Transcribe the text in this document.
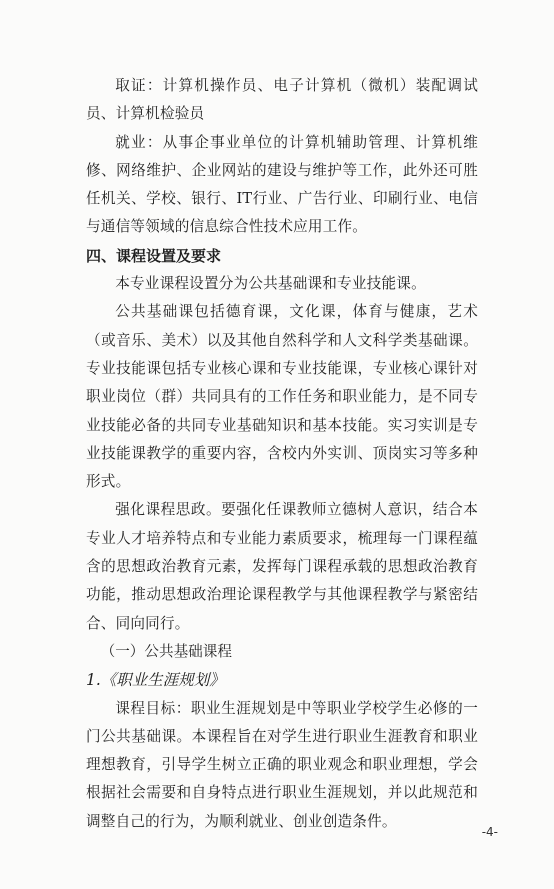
取证：计算机操作员、电子计算机（微机）装配调试员、计算机检验员

就业：从事企事业单位的计算机辅助管理、计算机维修、网络维护、企业网站的建设与维护等工作，此外还可胜任机关、学校、银行、IT行业、广告行业、印刷行业、电信与通信等领域的信息综合性技术应用工作。

四、课程设置及要求

本专业课程设置分为公共基础课和专业技能课。

公共基础课包括德育课，文化课，体育与健康，艺术（或音乐、美术）以及其他自然科学和人文科学类基础课。专业技能课包括专业核心课和专业技能课，专业核心课针对职业岗位（群）共同具有的工作任务和职业能力，是不同专业技能必备的共同专业基础知识和基本技能。实习实训是专业技能课教学的重要内容，含校内外实训、顶岗实习等多种形式。

强化课程思政。要强化任课教师立德树人意识，结合本专业人才培养特点和专业能力素质要求，梳理每一门课程蕴含的思想政治教育元素，发挥每门课程承载的思想政治教育功能，推动思想政治理论课程教学与其他课程教学与紧密结合、同向同行。

（一）公共基础课程

1.《职业生涯规划》

课程目标：职业生涯规划是中等职业学校学生必修的一门公共基础课。本课程旨在对学生进行职业生涯教育和职业理想教育，引导学生树立正确的职业观念和职业理想，学会根据社会需要和自身特点进行职业生涯规划，并以此规范和调整自己的行为，为顺利就业、创业创造条件。

-4-
